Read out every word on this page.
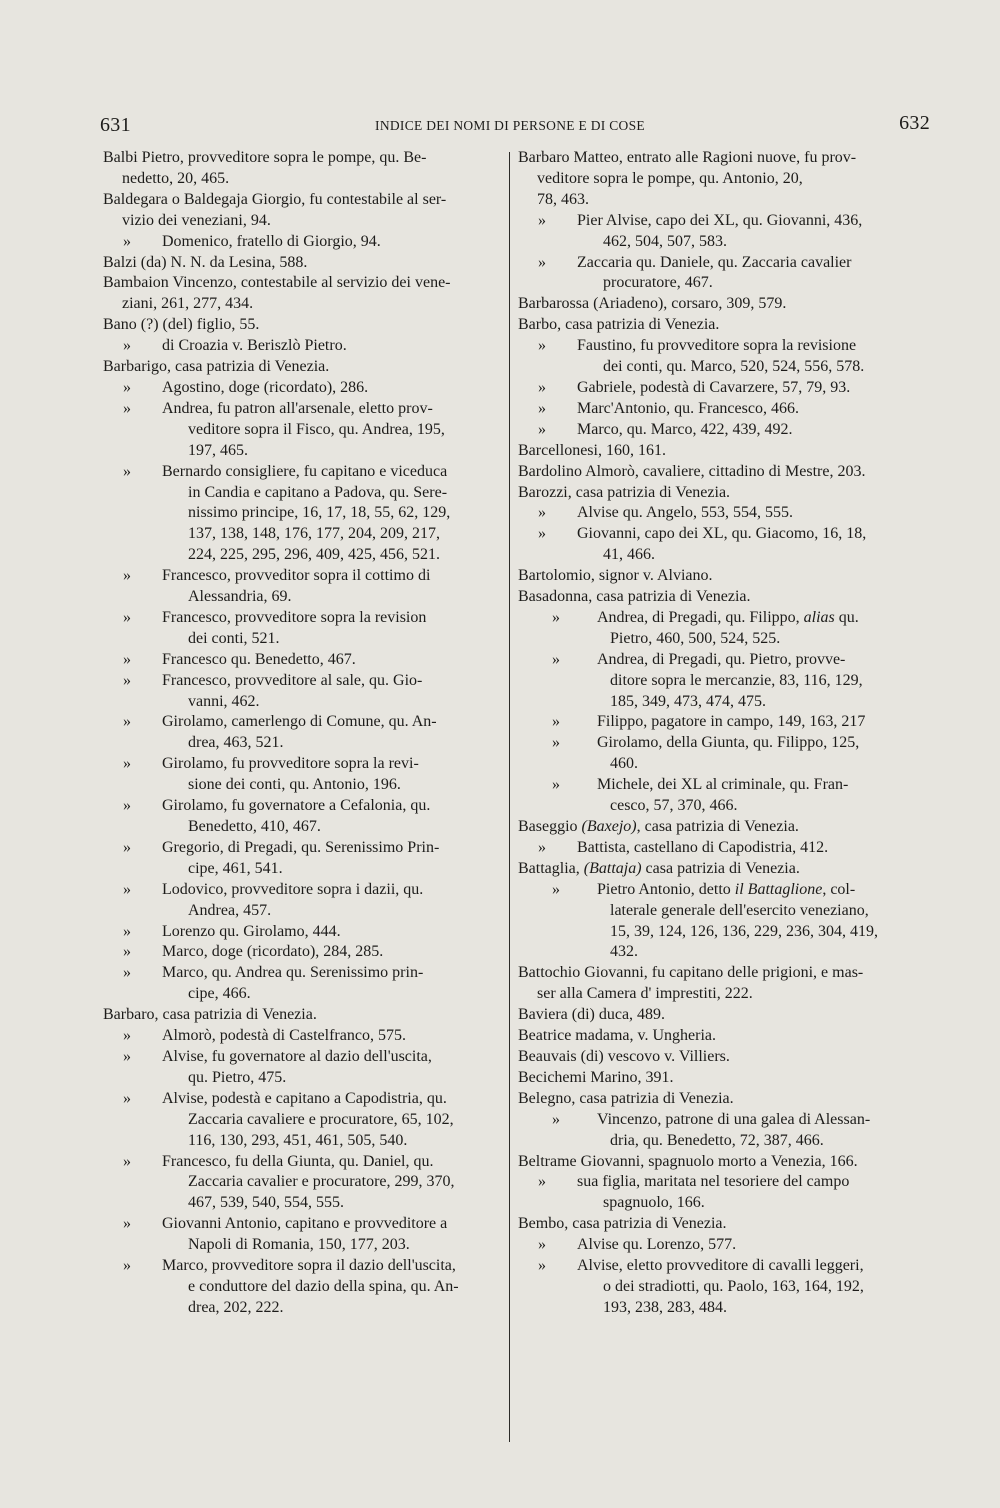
631	INDICE DEI NOMI DI PERSONE E DI COSE	632
Balbi Pietro, provveditore sopra le pompe, qu. Be-
nedetto, 20, 465.
Baldegara o Baldegaja Giorgio, fu contestabile al ser-
vizio dei veneziani, 94.
»	Domenico, fratello di Giorgio, 94.
Balzi (da) N. N. da Lesina, 588.
Bambaion Vincenzo, contestabile al servizio dei vene-
ziani, 261, 277, 434.
Bano (?) (del) figlio, 55.
»	di Croazia v. Beriszlò Pietro.
Barbarigo, casa patrizia di Venezia.
»	Agostino, doge (ricordato), 286.
»	Andrea, fu patron all'arsenale, eletto prov-
veditore sopra il Fisco, qu. Andrea, 195,
197, 465.
»	Bernardo consigliere, fu capitano e viceduca
in Candia e capitano a Padova, qu. Sere-
nissimo principe, 16, 17, 18, 55, 62, 129,
137, 138, 148, 176, 177, 204, 209, 217,
224, 225, 295, 296, 409, 425, 456, 521.
»	Francesco, provveditor sopra il cottimo di
Alessandria, 69.
»	Francesco, provveditore sopra la revision
dei conti, 521.
»	Francesco qu. Benedetto, 467.
»	Francesco, provveditore al sale, qu. Gio-
vanni, 462.
»	Girolamo, camerlengo di Comune, qu. An-
drea, 463, 521.
»	Girolamo, fu provveditore sopra la revi-
sione dei conti, qu. Antonio, 196.
»	Girolamo, fu governatore a Cefalonia, qu.
Benedetto, 410, 467.
»	Gregorio, di Pregadi, qu. Serenissimo Prin-
cipe, 461, 541.
»	Lodovico, provveditore sopra i dazii, qu.
Andrea, 457.
»	Lorenzo qu. Girolamo, 444.
»	Marco, doge (ricordato), 284, 285.
»	Marco, qu. Andrea qu. Serenissimo prin-
cipe, 466.
Barbaro, casa patrizia di Venezia.
»	Almorò, podestà di Castelfranco, 575.
»	Alvise, fu governatore al dazio dell'uscita,
qu. Pietro, 475.
»	Alvise, podestà e capitano a Capodistria, qu.
Zaccaria cavaliere e procuratore, 65, 102,
116, 130, 293, 451, 461, 505, 540.
»	Francesco, fu della Giunta, qu. Daniel, qu.
Zaccaria cavalier e procuratore, 299, 370,
467, 539, 540, 554, 555.
»	Giovanni Antonio, capitano e provveditore a
Napoli di Romania, 150, 177, 203.
»	Marco, provveditore sopra il dazio dell'uscita,
e conduttore del dazio della spina, qu. An-
drea, 202, 222.
Barbaro Matteo, entrato alle Ragioni nuove, fu prov-
veditore sopra le pompe, qu. Antonio, 20,
78, 463.
»	Pier Alvise, capo dei XL, qu. Giovanni, 436,
462, 504, 507, 583.
»	Zaccaria qu. Daniele, qu. Zaccaria cavalier
procuratore, 467.
Barbarossa (Ariadeno), corsaro, 309, 579.
Barbo, casa patrizia di Venezia.
»	Faustino, fu provveditore sopra la revisione
dei conti, qu. Marco, 520, 524, 556, 578.
»	Gabriele, podestà di Cavarzere, 57, 79, 93.
»	Marc'Antonio, qu. Francesco, 466.
»	Marco, qu. Marco, 422, 439, 492.
Barcellonesi, 160, 161.
Bardolino Almorò, cavaliere, cittadino di Mestre, 203.
Barozzi, casa patrizia di Venezia.
»	Alvise qu. Angelo, 553, 554, 555.
»	Giovanni, capo dei XL, qu. Giacomo, 16, 18,
41, 466.
Bartolomio, signor v. Alviano.
Basadonna, casa patrizia di Venezia.
»	Andrea, di Pregadi, qu. Filippo, alias qu.
Pietro, 460, 500, 524, 525.
»	Andrea, di Pregadi, qu. Pietro, provve-
ditore sopra le mercanzie, 83, 116, 129,
185, 349, 473, 474, 475.
»	Filippo, pagatore in campo, 149, 163, 217
»	Girolamo, della Giunta, qu. Filippo, 125,
460.
»	Michele, dei XL al criminale, qu. Fran-
cesco, 57, 370, 466.
Baseggio (Baxejo), casa patrizia di Venezia.
»	Battista, castellano di Capodistria, 412.
Battaglia, (Battaja) casa patrizia di Venezia.
»	Pietro Antonio, detto il Battaglione, col-
laterale generale dell'esercito veneziano,
15, 39, 124, 126, 136, 229, 236, 304, 419,
432.
Battochio Giovanni, fu capitano delle prigioni, e mas-
ser alla Camera d' imprestiti, 222.
Baviera (di) duca, 489.
Beatrice madama, v. Ungheria.
Beauvais (di) vescovo v. Villiers.
Becichemi Marino, 391.
Belegno, casa patrizia di Venezia.
»	Vincenzo, patrone di una galea di Alessan-
dria, qu. Benedetto, 72, 387, 466.
Beltrame Giovanni, spagnuolo morto a Venezia, 166.
»	sua figlia, maritata nel tesoriere del campo
spagnuolo, 166.
Bembo, casa patrizia di Venezia.
»	Alvise qu. Lorenzo, 577.
»	Alvise, eletto provveditore di cavalli leggeri,
o dei stradiotti, qu. Paolo, 163, 164, 192,
193, 238, 283, 484.
